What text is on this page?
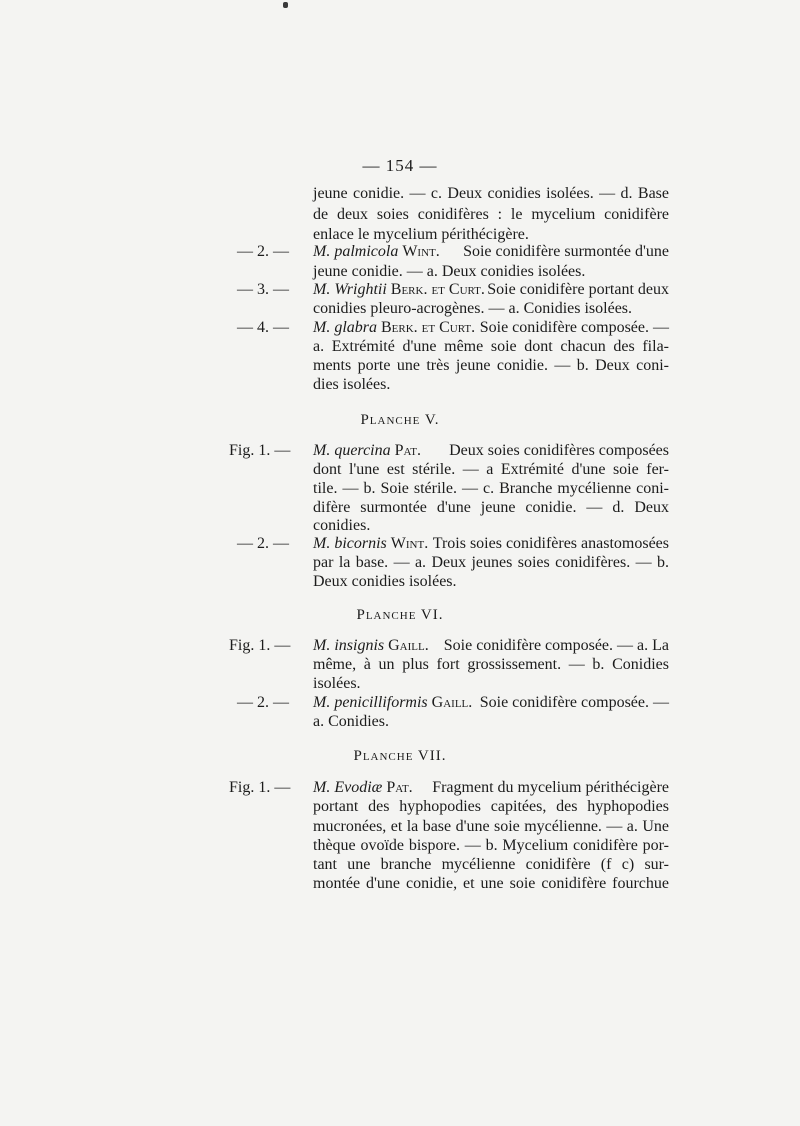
— 154 —
jeune conidie. — c. Deux conidies isolées. — d. Base
de deux soies conidifères : le mycelium conidifère
enlace le mycelium périthécigère.
— 2. — M. palmicola Wint. Soie conidifère surmontée d'une
jeune conidie. — a. Deux conidies isolées.
— 3. — M. Wrightii Berk. et Curt. Soie conidifère portant deux
conidies pleuro-acrogènes. — a. Conidies isolées.
— 4. — M. glabra Berk. et Curt. Soie conidifère composée. —
a. Extrémité d'une même soie dont chacun des fila-
ments porte une très jeune conidie. — b. Deux coni-
dies isolées.
Planche V.
Fig. 1. — M. quercina Pat. Deux soies conidifères composées
dont l'une est stérile. — a Extrémité d'une soie fer-
tile. — b. Soie stérile. — c. Branche mycélienne coni-
difère surmontée d'une jeune conidie. — d. Deux
conidies.
— 2. — M. bicornis Wint. Trois soies conidifères anastomosées
par la base. — a. Deux jeunes soies conidifères. — b.
Deux conidies isolées.
Planche VI.
Fig. 1. — M. insignis Gaill. Soie conidifère composée. — a. La
même, à un plus fort grossissement. — b. Conidies
isolées.
— 2. — M. penicilliformis Gaill. Soie conidifère composée. —
a. Conidies.
Planche VII.
Fig. 1. — M. Evodiæ Pat. Fragment du mycelium périthécigère
portant des hyphopodies capitées, des hyphopodies
mucronées, et la base d'une soie mycélienne. — a. Une
thèque ovoïde bispore. — b. Mycelium conidifère por-
tant une branche mycélienne conidifère (f c) sur-
montée d'une conidie, et une soie conidifère fourchue
